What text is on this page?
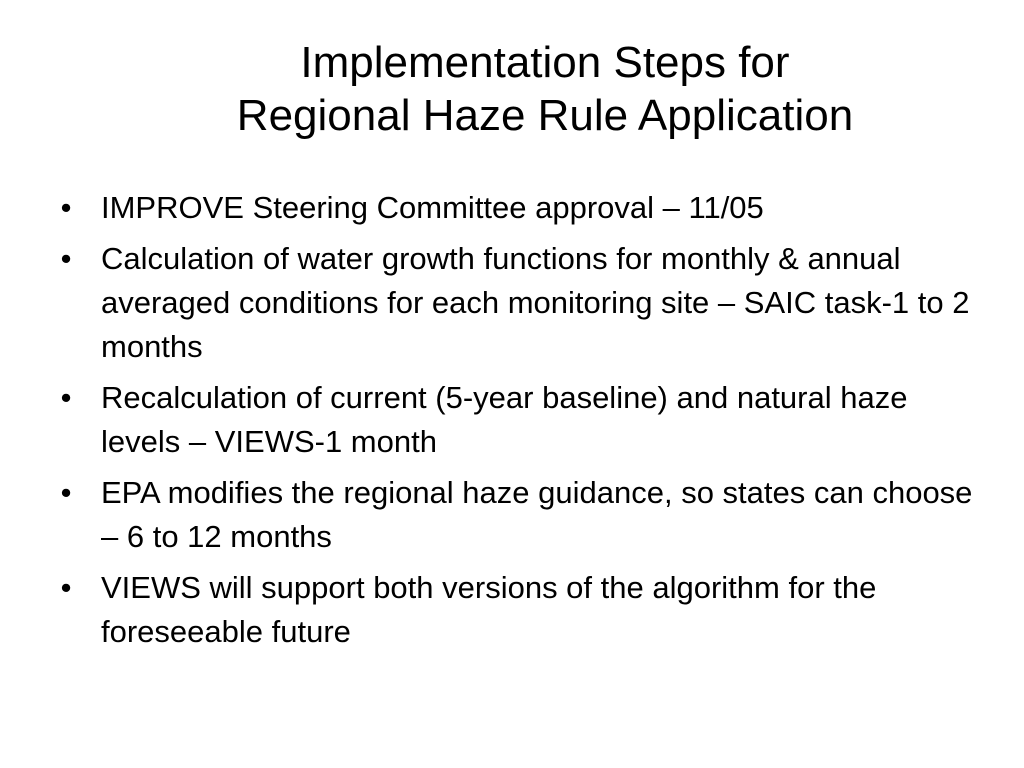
Implementation Steps for
Regional Haze Rule Application
• IMPROVE Steering Committee approval – 11/05
• Calculation of water growth functions for monthly & annual averaged conditions for each monitoring site – SAIC task-1 to 2 months
• Recalculation of current (5-year baseline) and natural haze levels – VIEWS-1 month
• EPA modifies the regional haze guidance, so states can choose – 6 to 12 months
• VIEWS will support both versions of the algorithm for the foreseeable future
